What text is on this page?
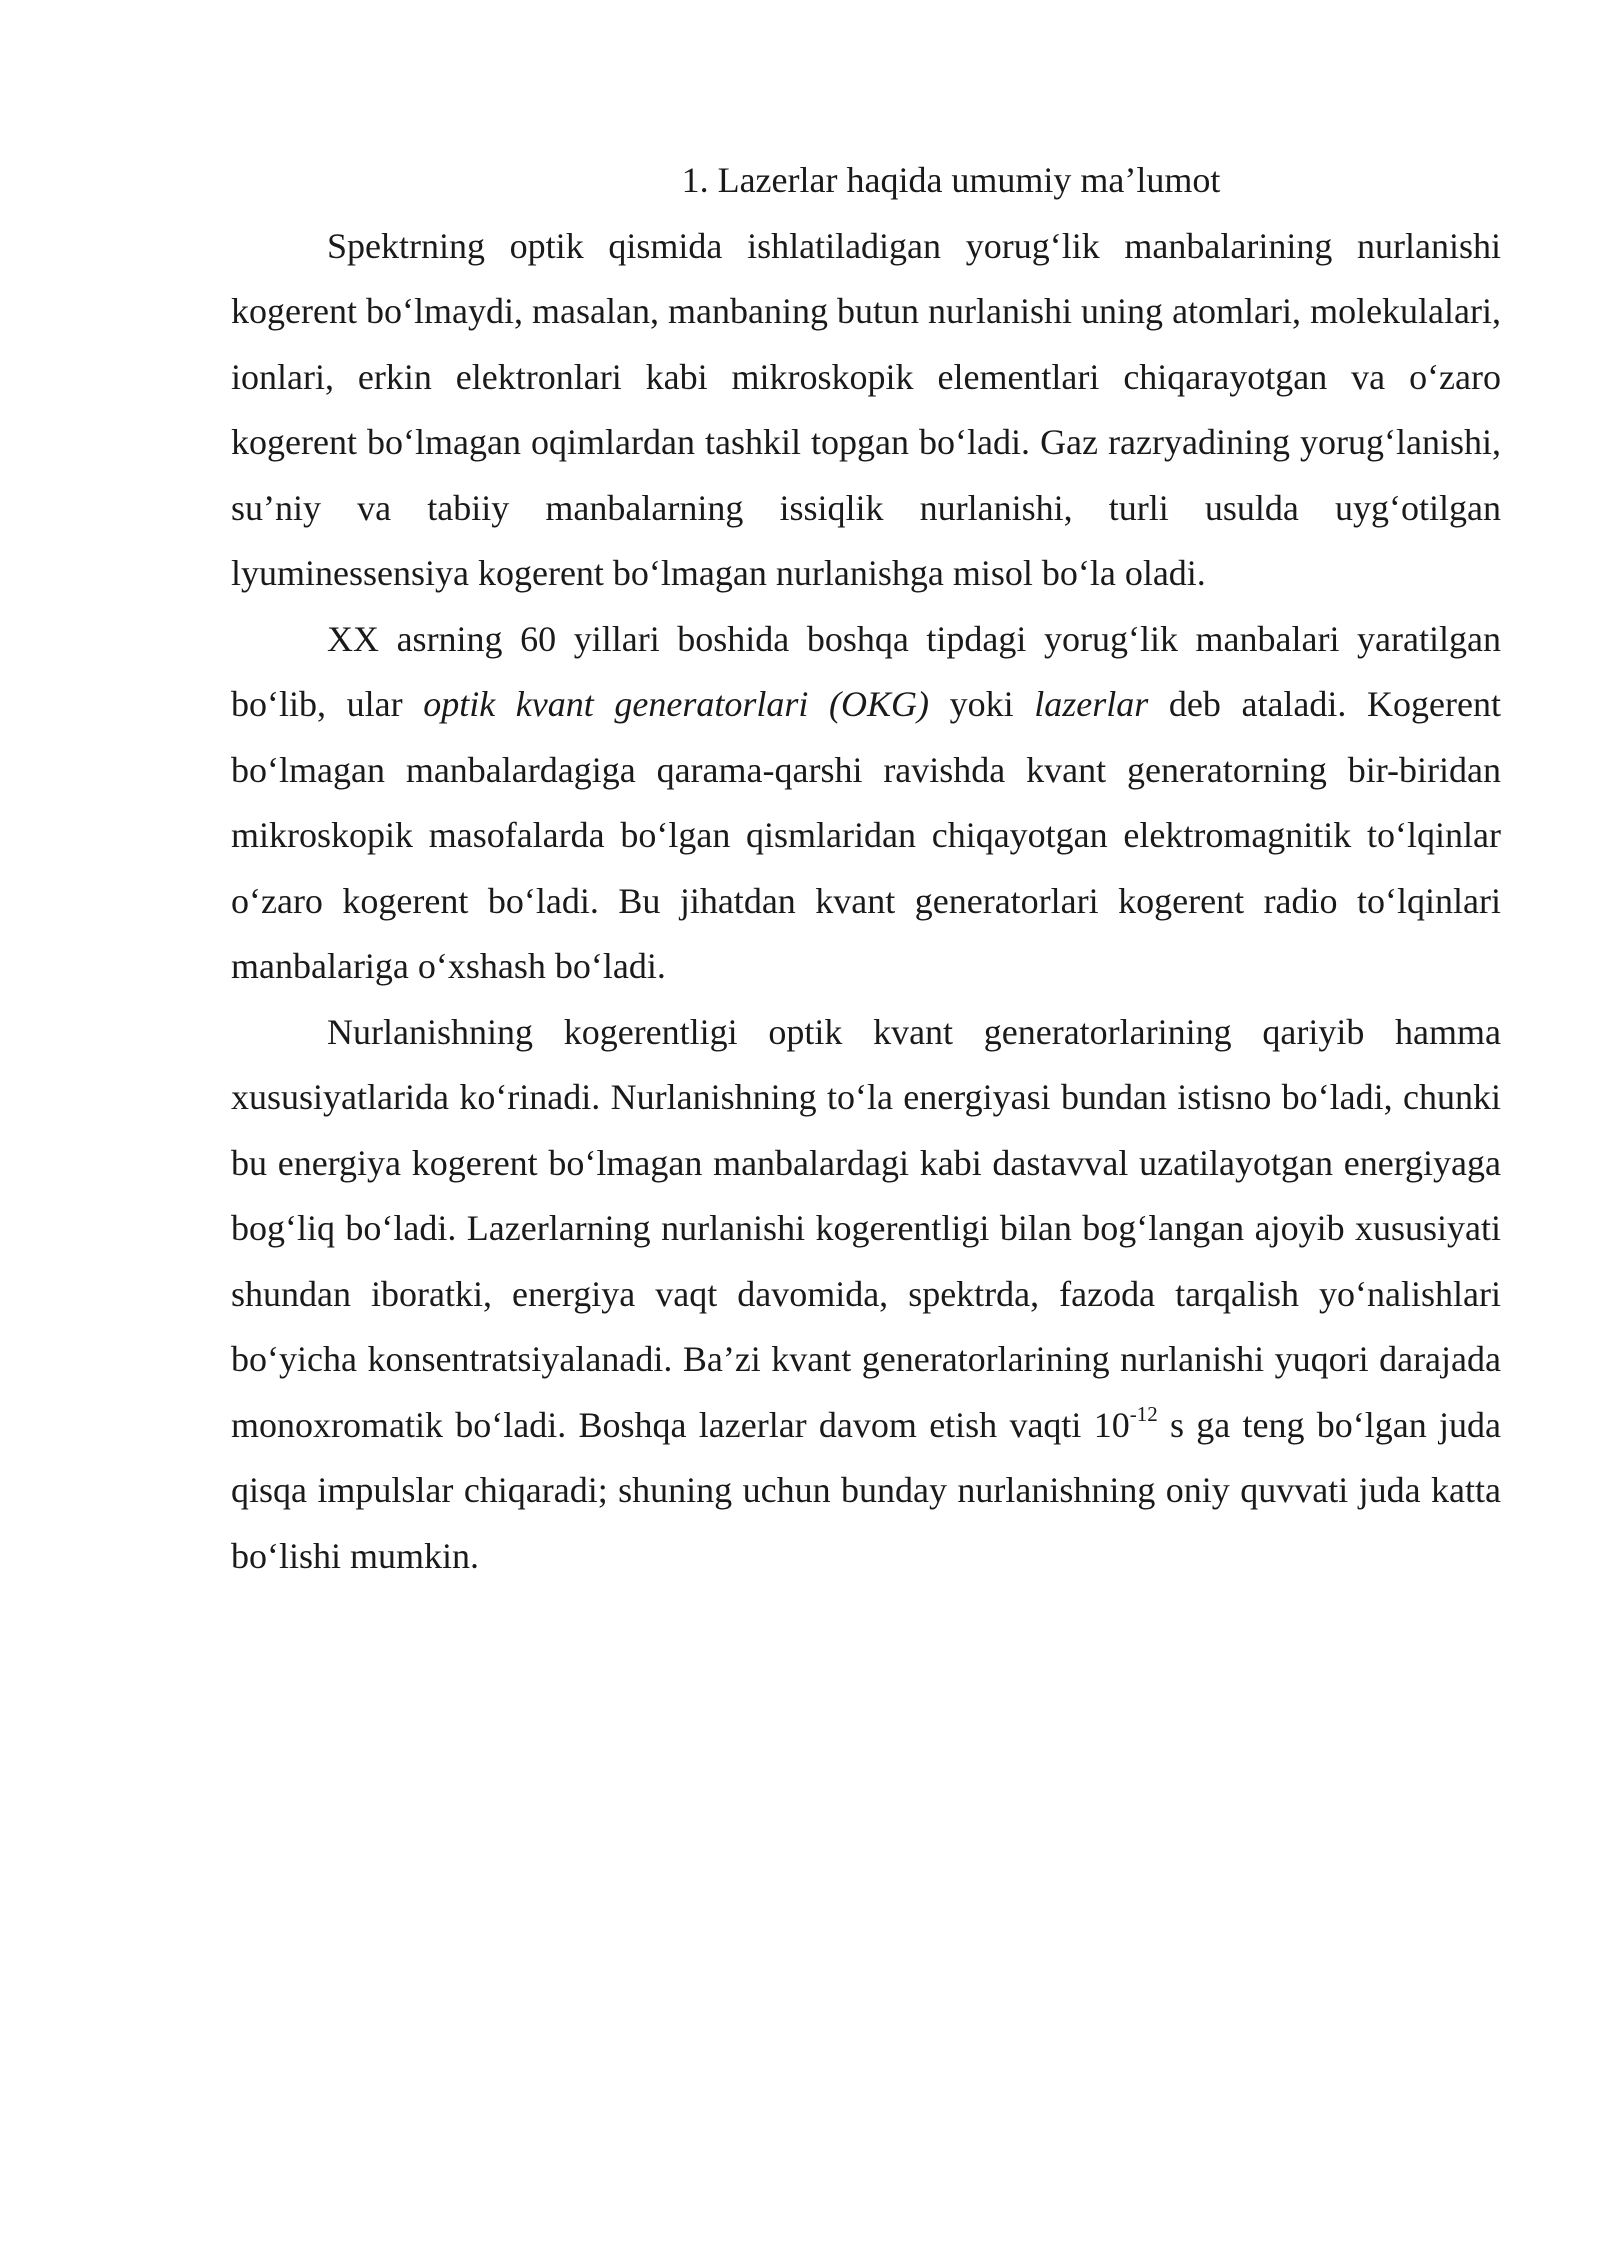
1. Lazerlar haqida umumiy ma’lumot

Spektrning optik qismida ishlatiladigan yorug‘lik manbalarining nurlanishi kogerent bo‘lmaydi, masalan, manbaning butun nurlanishi uning atomlari, molekulalari, ionlari, erkin elektronlari kabi mikroskopik elementlari chiqarayotgan va o‘zaro kogerent bo‘lmagan oqimlardan tashkil topgan bo‘ladi. Gaz razryadining yorug‘lanishi, su’niy va tabiiy manbalarning issiqlik nurlanishi, turli usulda uyg‘otilgan lyuminessensiya kogerent bo‘lmagan nurlanishga misol bo‘la oladi.

XX asrning 60 yillari boshida boshqa tipdagi yorug‘lik manbalari yaratilgan bo‘lib, ular optik kvant generatorlari (OKG) yoki lazerlar deb ataladi. Kogerent bo‘lmagan manbalardagiga qarama-qarshi ravishda kvant generatorning bir-biridan mikroskopik masofalarda bo‘lgan qismlaridan chiqayotgan elektromagnitik to‘lqinlar o‘zaro kogerent bo‘ladi. Bu jihatdan kvant generatorlari kogerent radio to‘lqinlari manbalariga o‘xshash bo‘ladi.

Nurlanishning kogerentligi optik kvant generatorlarining qariyib hamma xususiyatlarida ko‘rinadi. Nurlanishning to‘la energiyasi bundan istisno bo‘ladi, chunki bu energiya kogerent bo‘lmagan manbalardagi kabi dastavval uzatilayotgan energiyaga bog‘liq bo‘ladi. Lazerlarning nurlanishi kogerentligi bilan bog‘langan ajoyib xususiyati shundan iboratki, energiya vaqt davomida, spektrda, fazoda tarqalish yo‘nalishlari bo‘yicha konsentratsiyalanadi. Ba’zi kvant generatorlarining nurlanishi yuqori darajada monoxromatik bo‘ladi. Boshqa lazerlar davom etish vaqti $10^{-12}$ s ga teng bo‘lgan juda qisqa impulslar chiqaradi; shuning uchun bunday nurlanishning oniy quvvati juda katta bo‘lishi mumkin.
